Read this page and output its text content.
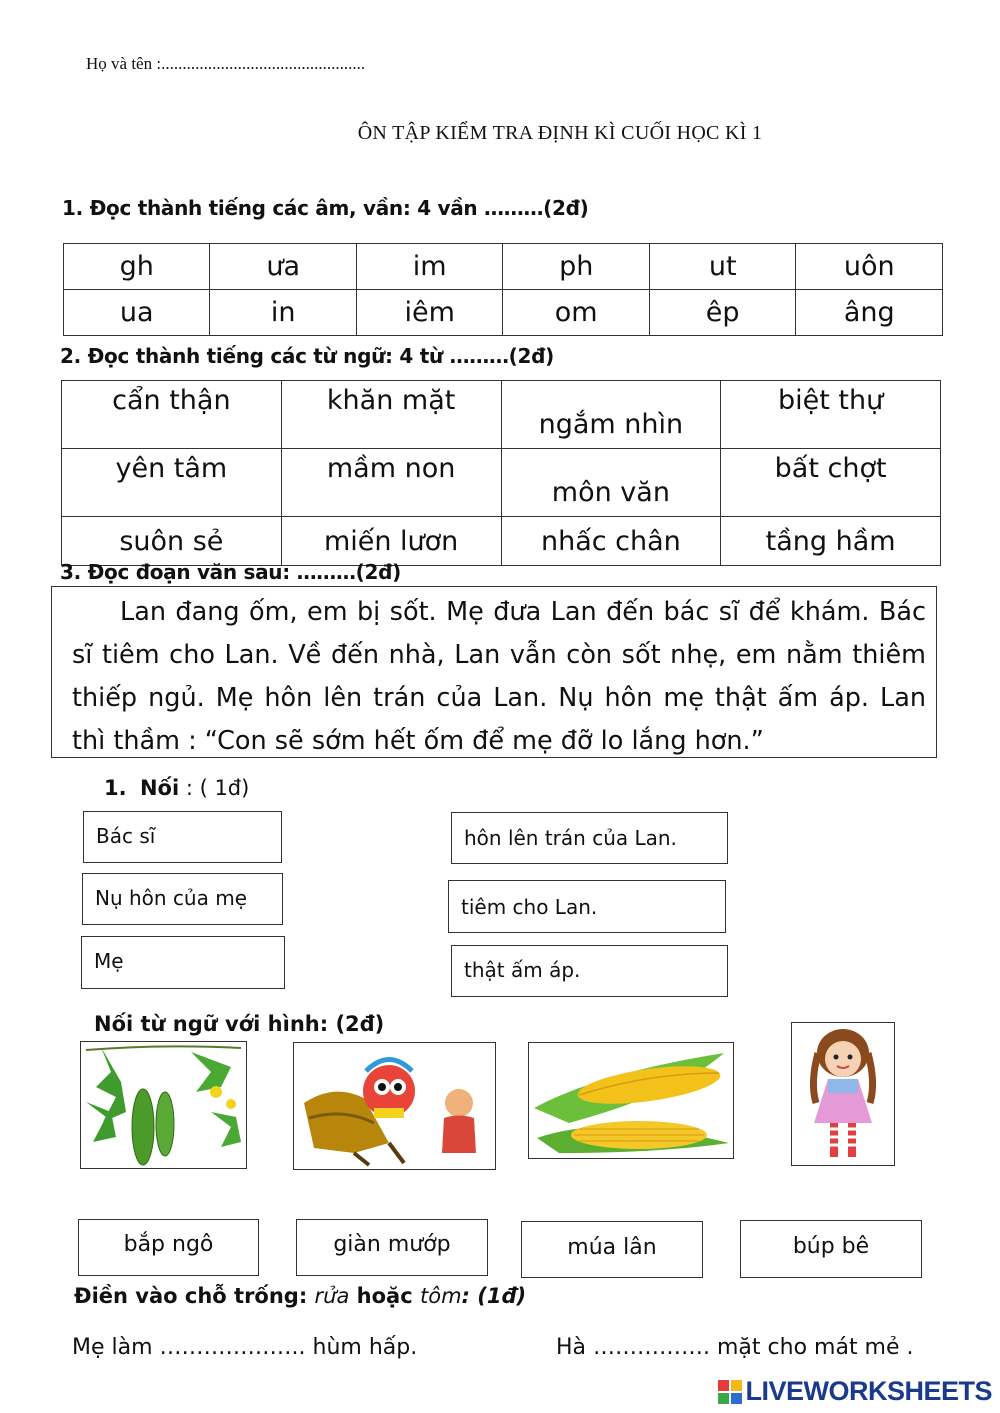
Họ và tên :................................................
ÔN TẬP KIỂM TRA ĐỊNH KÌ CUỐI HỌC KÌ 1
1. Đọc thành tiếng các âm, vần: 4 vần ………(2đ)
gh	ưa	im	ph	ut	uôn
ua	in	iêm	om	êp	âng
2. Đọc thành tiếng các từ ngữ: 4 từ ………(2đ)
cẩn thận	khăn mặt	ngắm nhìn	biệt thự
yên tâm	mầm non	môn văn	bất chợt
suôn sẻ	miến lươn	nhấc chân	tầng hầm
3. Đọc đoạn văn sau: ………(2đ)
Lan đang ốm, em bị sốt. Mẹ đưa Lan đến bác sĩ để khám. Bác sĩ tiêm cho Lan. Về đến nhà, Lan vẫn còn sốt nhẹ, em nằm thiêm thiếp ngủ. Mẹ hôn lên trán của Lan. Nụ hôn mẹ thật ấm áp. Lan thì thầm : “Con sẽ sớm hết ốm để mẹ đỡ lo lắng hơn.”
1. Nối : ( 1đ)
Bác sĩ
Nụ hôn của mẹ
Mẹ
hôn lên trán của Lan.
tiêm cho Lan.
thật ấm áp.
Nối từ ngữ với hình: (2đ)
bắp ngô	giàn mướp	múa lân	búp bê
Điền vào chỗ trống: rửa hoặc tôm: (1đ)
Mẹ làm ……………….. hùm hấp.	Hà ……………. mặt cho mát mẻ .
LIVEWORKSHEETS
